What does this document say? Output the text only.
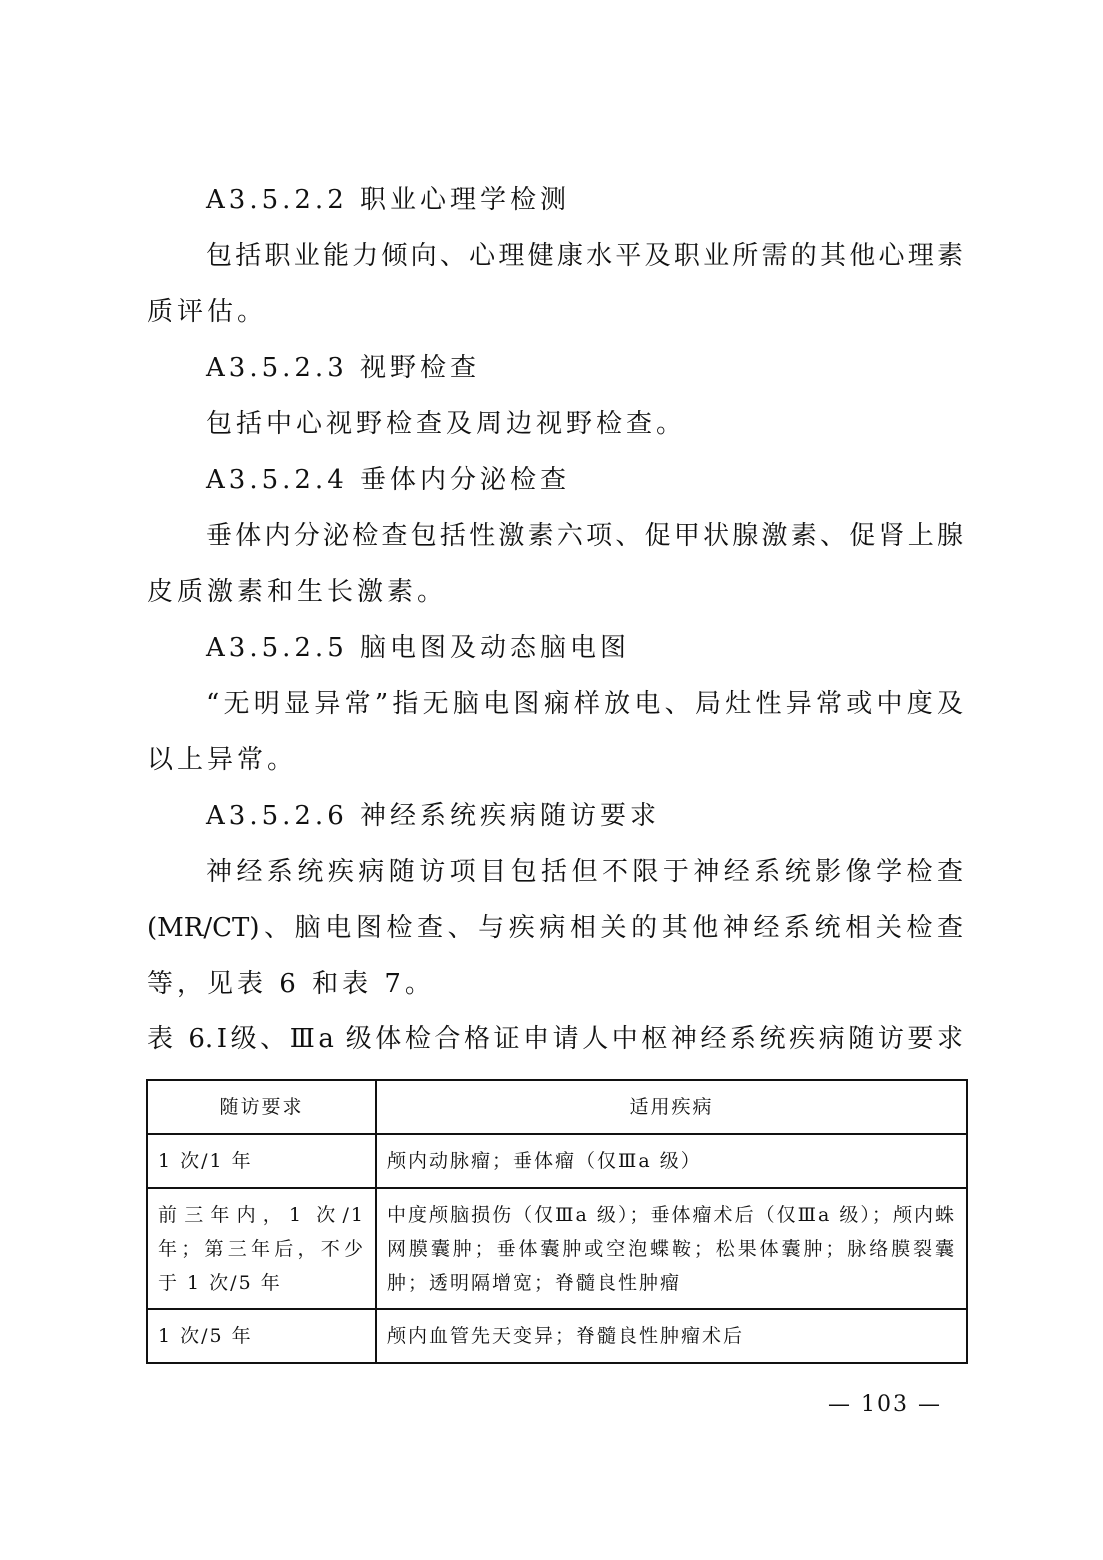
A3.5.2.2 职业心理学检测
包括职业能力倾向、心理健康水平及职业所需的其他心理素
质评估。
A3.5.2.3 视野检查
包括中心视野检查及周边视野检查。
A3.5.2.4 垂体内分泌检查
垂体内分泌检查包括性激素六项、促甲状腺激素、促肾上腺
皮质激素和生长激素。
A3.5.2.5 脑电图及动态脑电图
“无明显异常”指无脑电图痫样放电、局灶性异常或中度及
以上异常。
A3.5.2.6 神经系统疾病随访要求
神经系统疾病随访项目包括但不限于神经系统影像学检查
(MR/CT)、脑电图检查、与疾病相关的其他神经系统相关检查
等，见表 6 和表 7。
表 6.Ⅰ级、Ⅲa 级体检合格证申请人中枢神经系统疾病随访要求
随访要求	适用疾病
1 次/1 年	颅内动脉瘤；垂体瘤（仅Ⅲa 级）
前三年内，1 次/1年；第三年后，不少于 1 次/5 年	中度颅脑损伤（仅Ⅲa 级）；垂体瘤术后（仅Ⅲa 级）；颅内蛛网膜囊肿；垂体囊肿或空泡蝶鞍；松果体囊肿；脉络膜裂囊肿；透明隔增宽；脊髓良性肿瘤
1 次/5 年	颅内血管先天变异；脊髓良性肿瘤术后
— 103 —
